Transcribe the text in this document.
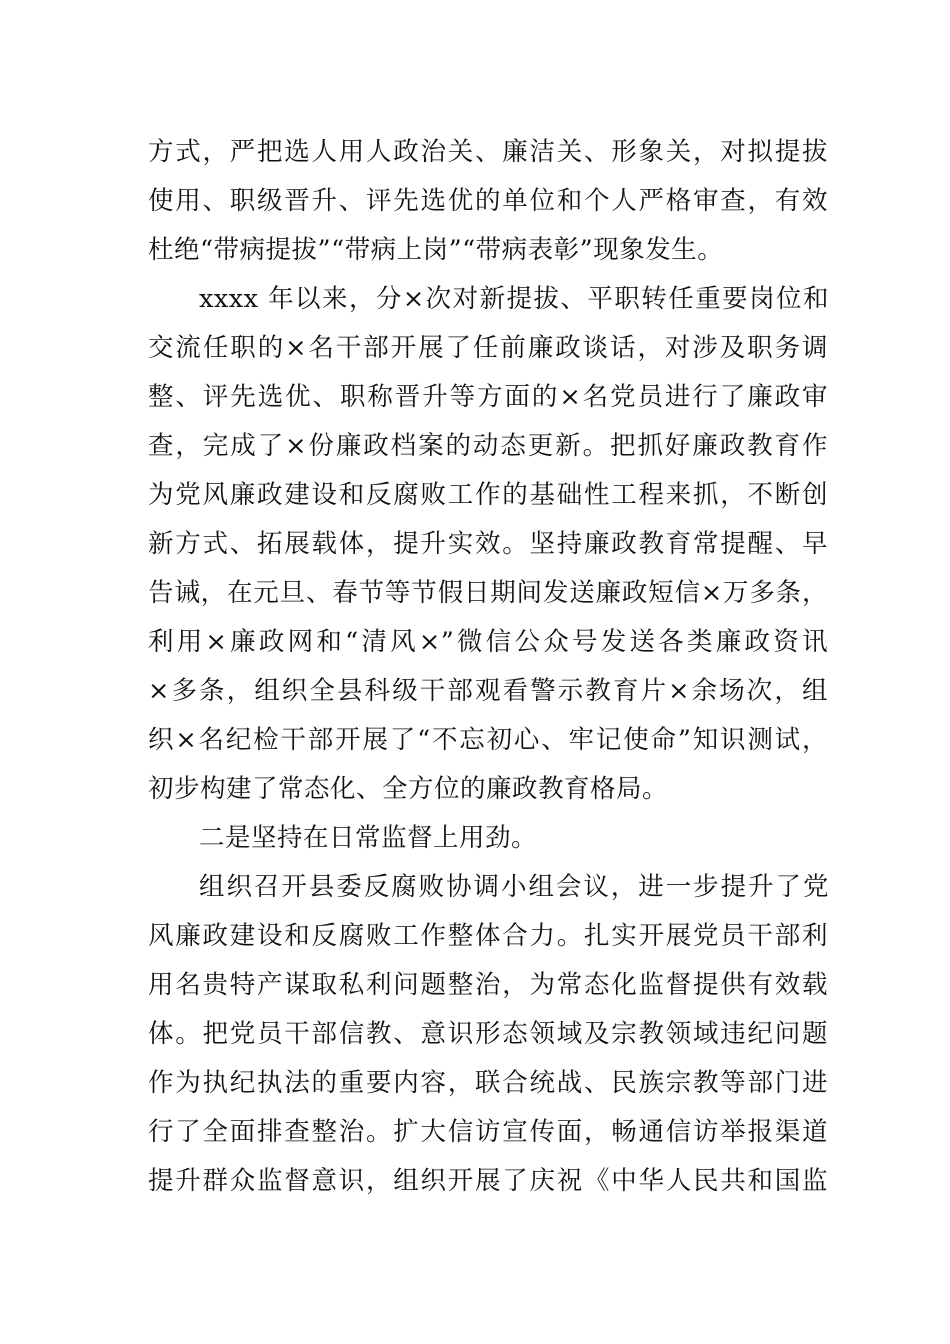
方式，严把选人用人政治关、廉洁关、形象关，对拟提拔
使用、职级晋升、评先选优的单位和个人严格审查，有效
杜绝“带病提拔”“带病上岗”“带病表彰”现象发生。
xxxx 年以来，分×次对新提拔、平职转任重要岗位和
交流任职的×名干部开展了任前廉政谈话，对涉及职务调
整、评先选优、职称晋升等方面的×名党员进行了廉政审
查，完成了×份廉政档案的动态更新。把抓好廉政教育作
为党风廉政建设和反腐败工作的基础性工程来抓，不断创
新方式、拓展载体，提升实效。坚持廉政教育常提醒、早
告诫，在元旦、春节等节假日期间发送廉政短信×万多条，
利用×廉政网和“清风×”微信公众号发送各类廉政资讯
×多条，组织全县科级干部观看警示教育片×余场次，组
织×名纪检干部开展了“不忘初心、牢记使命”知识测试，
初步构建了常态化、全方位的廉政教育格局。
二是坚持在日常监督上用劲。
组织召开县委反腐败协调小组会议，进一步提升了党
风廉政建设和反腐败工作整体合力。扎实开展党员干部利
用名贵特产谋取私利问题整治，为常态化监督提供有效载
体。把党员干部信教、意识形态领域及宗教领域违纪问题
作为执纪执法的重要内容，联合统战、民族宗教等部门进
行了全面排查整治。扩大信访宣传面，畅通信访举报渠道
提升群众监督意识，组织开展了庆祝《中华人民共和国监
